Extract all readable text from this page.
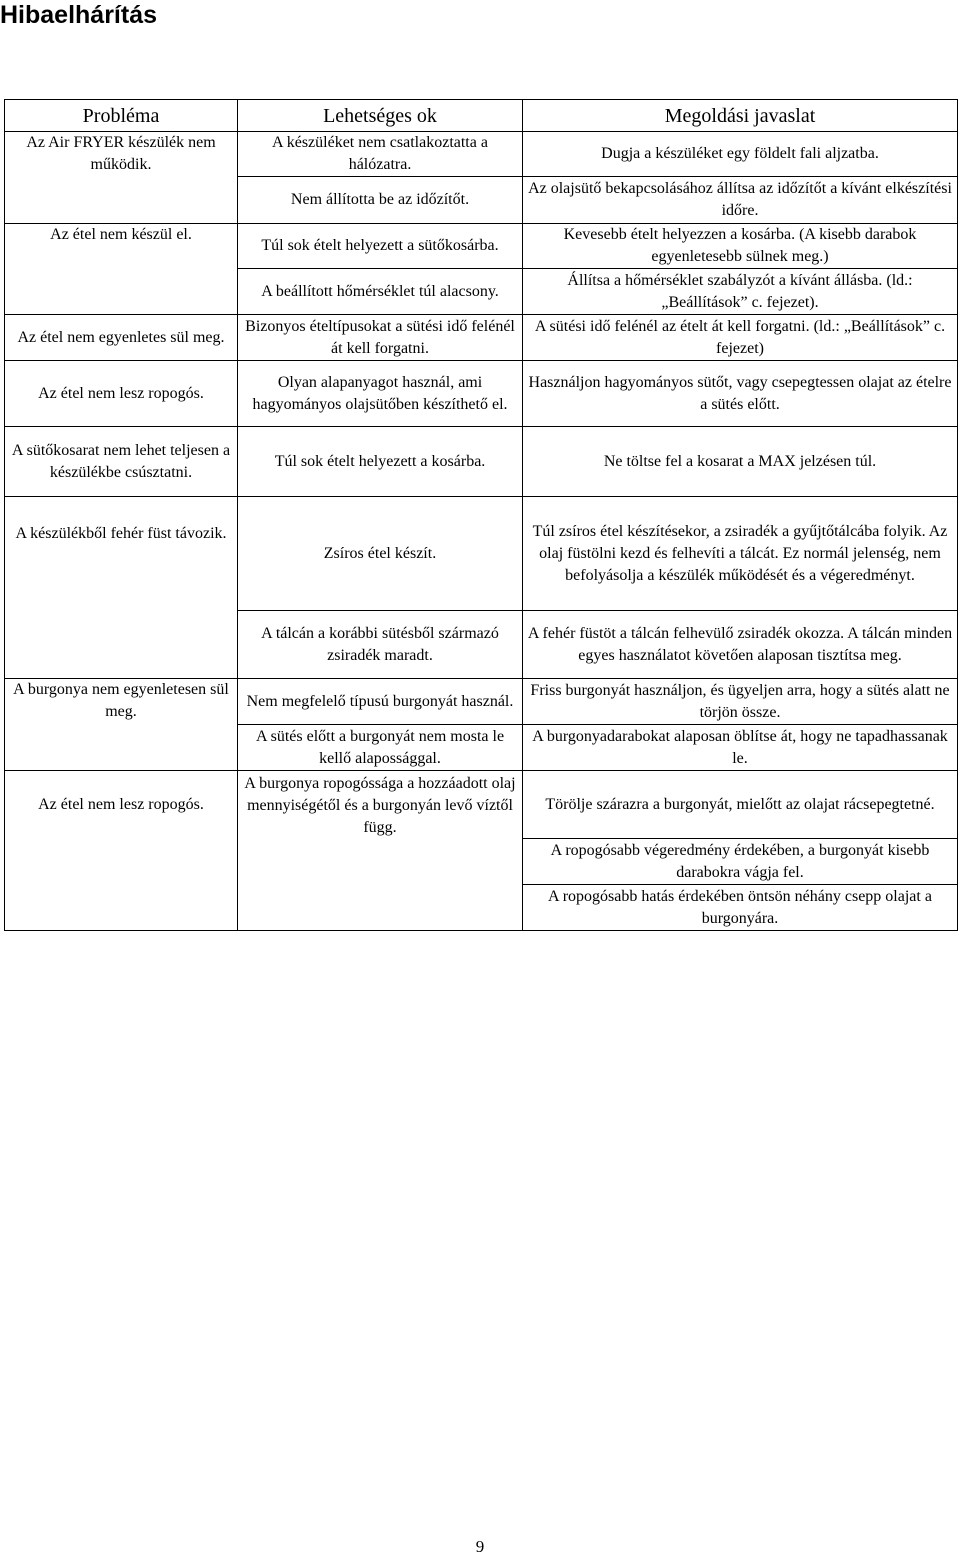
Hibaelhárítás
Probléma	Lehetséges ok	Megoldási javaslat
Az Air FRYER készülék nem működik.	A készüléket nem csatlakoztatta a hálózatra.	Dugja a készüléket egy földelt fali aljzatba.
	Nem állította be az időzítőt.	Az olajsütő bekapcsolásához állítsa az időzítőt a kívánt elkészítési időre.
Az étel nem készül el.	Túl sok ételt helyezett a sütőkosárba.	Kevesebb ételt helyezzen a kosárba. (A kisebb darabok egyenletesebb sülnek meg.)
	A beállított hőmérséklet túl alacsony.	Állítsa a hőmérséklet szabályzót a kívánt állásba. (ld.: „Beállítások” c. fejezet).
Az étel nem egyenletes sül meg.	Bizonyos ételtípusokat a sütési idő felénél át kell forgatni.	A sütési idő felénél az ételt át kell forgatni. (ld.: „Beállítások” c. fejezet)
Az étel nem lesz ropogós.	Olyan alapanyagot használ, ami hagyományos olajsütőben készíthető el.	Használjon hagyományos sütőt, vagy csepegtessen olajat az ételre a sütés előtt.
A sütőkosarat nem lehet teljesen a készülékbe csúsztatni.	Túl sok ételt helyezett a kosárba.	Ne töltse fel a kosarat a MAX jelzésen túl.
A készülékből fehér füst távozik.	Zsíros étel készít.	Túl zsíros étel készítésekor, a zsiradék a gyűjtőtálcába folyik. Az olaj füstölni kezd és felhevíti a tálcát. Ez normál jelenség, nem befolyásolja a készülék működését és a végeredményt.
	A tálcán a korábbi sütésből származó zsiradék maradt.	A fehér füstöt a tálcán felhevülő zsiradék okozza. A tálcán minden egyes használatot követően alaposan tisztítsa meg.
A burgonya nem egyenletesen sül meg.	Nem megfelelő típusú burgonyát használ.	Friss burgonyát használjon, és ügyeljen arra, hogy a sütés alatt ne törjön össze.
	A sütés előtt a burgonyát nem mosta le kellő alapossággal.	A burgonyadarabokat alaposan öblítse át, hogy ne tapadhassanak le.
Az étel nem lesz ropogós.	A burgonya ropogóssága a hozzáadott olaj mennyiségétől és a burgonyán levő víztől függ.	Törölje szárazra a burgonyát, mielőtt az olajat rácsepegtetné.
		A ropogósabb végeredmény érdekében, a burgonyát kisebb darabokra vágja fel.
		A ropogósabb hatás érdekében öntsön néhány csepp olajat a burgonyára.
9
